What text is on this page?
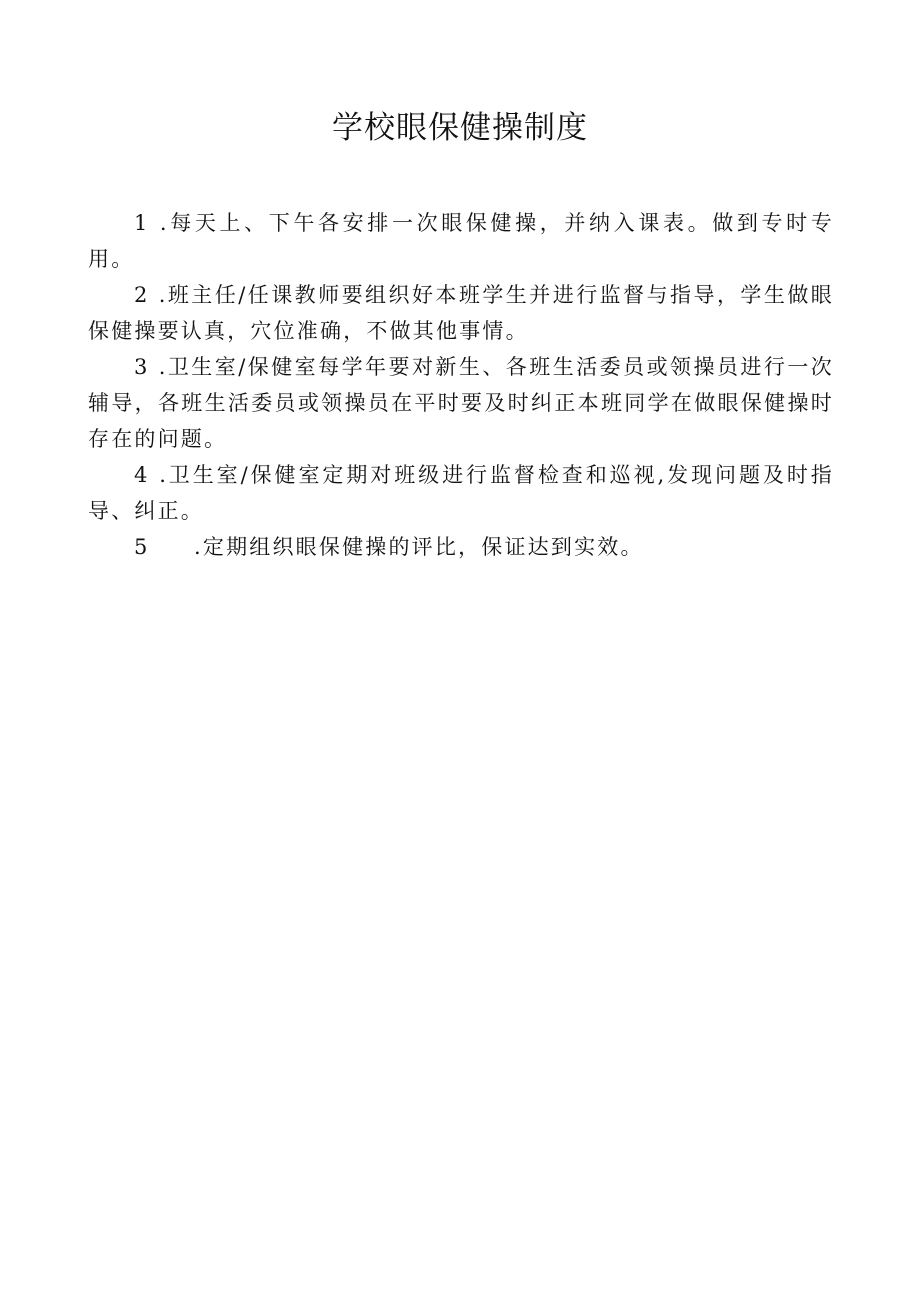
学校眼保健操制度

1 .每天上、下午各安排一次眼保健操，并纳入课表。做到专时专用。

2 .班主任/任课教师要组织好本班学生并进行监督与指导，学生做眼保健操要认真，穴位准确，不做其他事情。

3 .卫生室/保健室每学年要对新生、各班生活委员或领操员进行一次辅导，各班生活委员或领操员在平时要及时纠正本班同学在做眼保健操时存在的问题。

4 .卫生室/保健室定期对班级进行监督检查和巡视,发现问题及时指导、纠正。

5 .定期组织眼保健操的评比，保证达到实效。
